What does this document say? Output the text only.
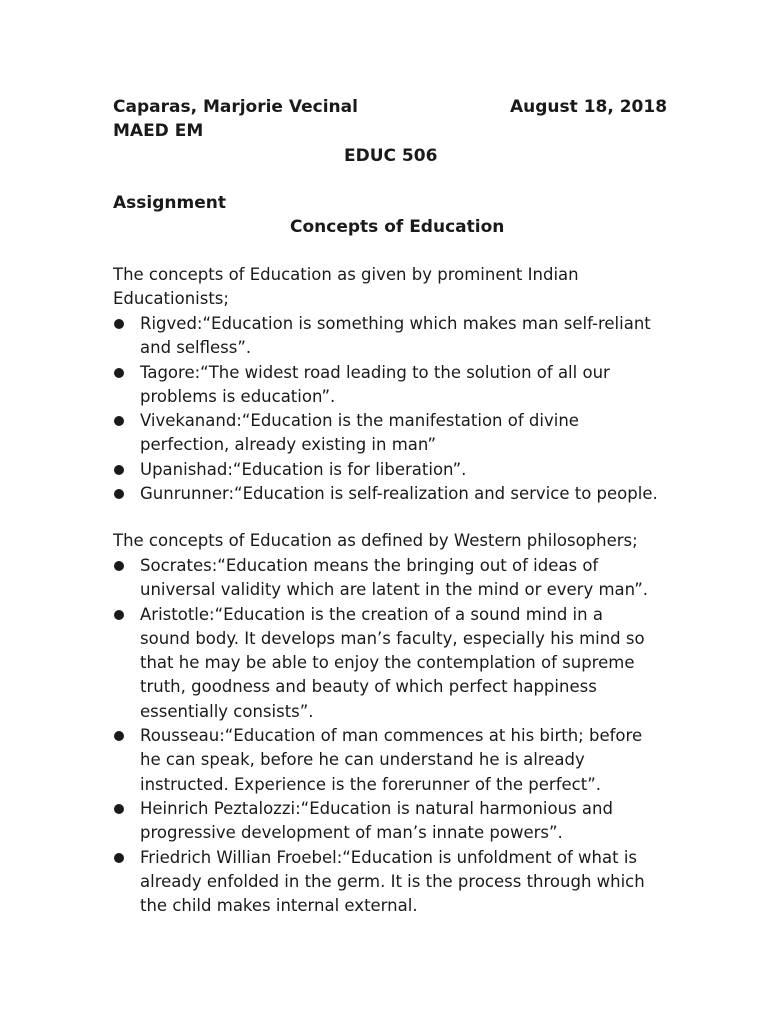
Caparas, Marjorie Vecinal	August 18, 2018
MAED EM
EDUC 506
Assignment
Concepts of Education
The concepts of Education as given by prominent Indian Educationists;
Rigved:“Education is something which makes man self-reliant and selfless”.
Tagore:“The widest road leading to the solution of all our problems is education”.
Vivekanand:“Education is the manifestation of divine perfection, already existing in man”
Upanishad:“Education is for liberation”.
Gunrunner:“Education is self-realization and service to people.
The concepts of Education as defined by Western philosophers;
Socrates:“Education means the bringing out of ideas of universal validity which are latent in the mind or every man”.
Aristotle:“Education is the creation of a sound mind in a sound body. It develops man’s faculty, especially his mind so that he may be able to enjoy the contemplation of supreme truth, goodness and beauty of which perfect happiness essentially consists”.
Rousseau:“Education of man commences at his birth; before he can speak, before he can understand he is already instructed. Experience is the forerunner of the perfect”.
Heinrich Peztalozzi:“Education is natural harmonious and progressive development of man’s innate powers”.
Friedrich Willian Froebel:“Education is unfoldment of what is already enfolded in the germ. It is the process through which the child makes internal external.
